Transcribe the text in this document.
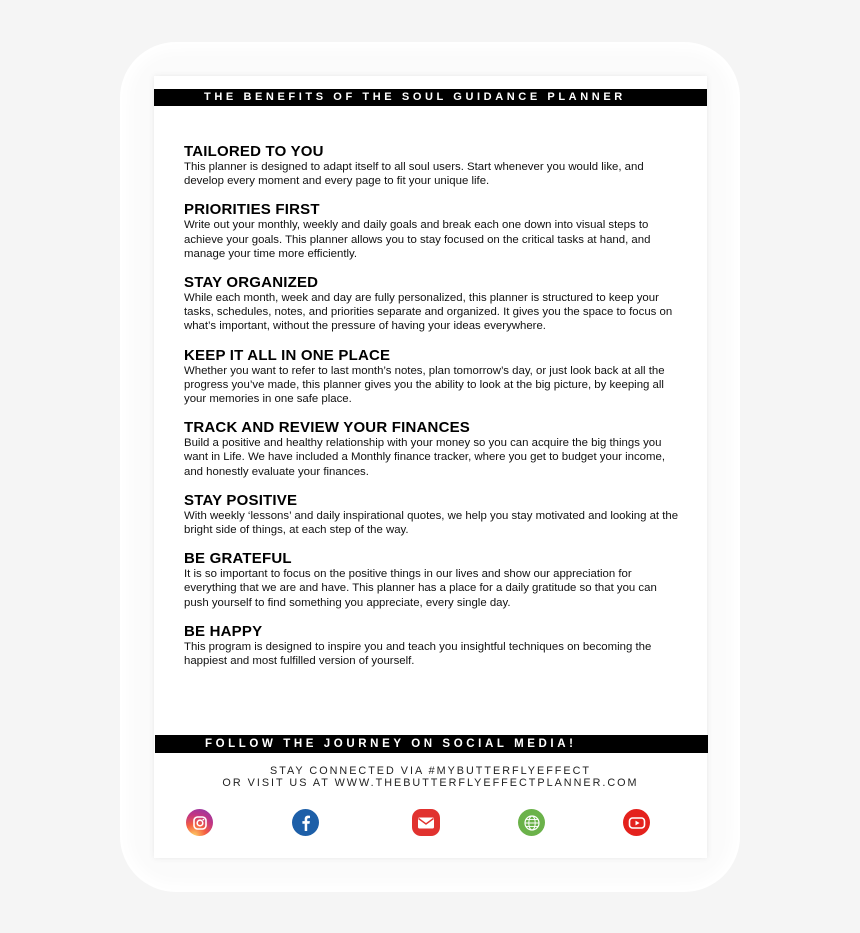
THE BENEFITS OF THE SOUL GUIDANCE PLANNER
TAILORED TO YOU

This planner is designed to adapt itself to all soul users. Start whenever you would like, and develop every moment and every page to fit your unique life.

PRIORITIES FIRST

Write out your monthly, weekly and daily goals and break each one down into visual steps to achieve your goals. This planner allows you to stay focused on the critical tasks at hand, and manage your time more efficiently.

STAY ORGANIZED

While each month, week and day are fully personalized, this planner is structured to keep your tasks, schedules, notes, and priorities separate and organized. It gives you the space to focus on what’s important, without the pressure of having your ideas everywhere.

KEEP IT ALL IN ONE PLACE

Whether you want to refer to last month’s notes, plan tomorrow’s day, or just look back at all the progress you’ve made, this planner gives you the ability to look at the big picture, by keeping all your memories in one safe place.

TRACK AND REVIEW YOUR FINANCES

Build a positive and healthy relationship with your money so you can acquire the big things you want in Life. We have included a Monthly finance tracker, where you get to budget your income, and honestly evaluate your finances.

STAY POSITIVE

With weekly ‘lessons’ and daily inspirational quotes, we help you stay motivated and looking at the bright side of things, at each step of the way.

BE GRATEFUL

It is so important to focus on the positive things in our lives and show our appreciation for everything that we are and have. This planner has a place for a daily gratitude so that you can push yourself to find something you appreciate, every single day.

BE HAPPY

This program is designed to inspire you and teach you insightful techniques on becoming the happiest and most fulfilled version of yourself.

FOLLOW THE JOURNEY ON SOCIAL MEDIA!
STAY CONNECTED VIA #MYBUTTERFLYEFFECT
OR VISIT US AT WWW.THEBUTTERFLYEFFECTPLANNER.COM
